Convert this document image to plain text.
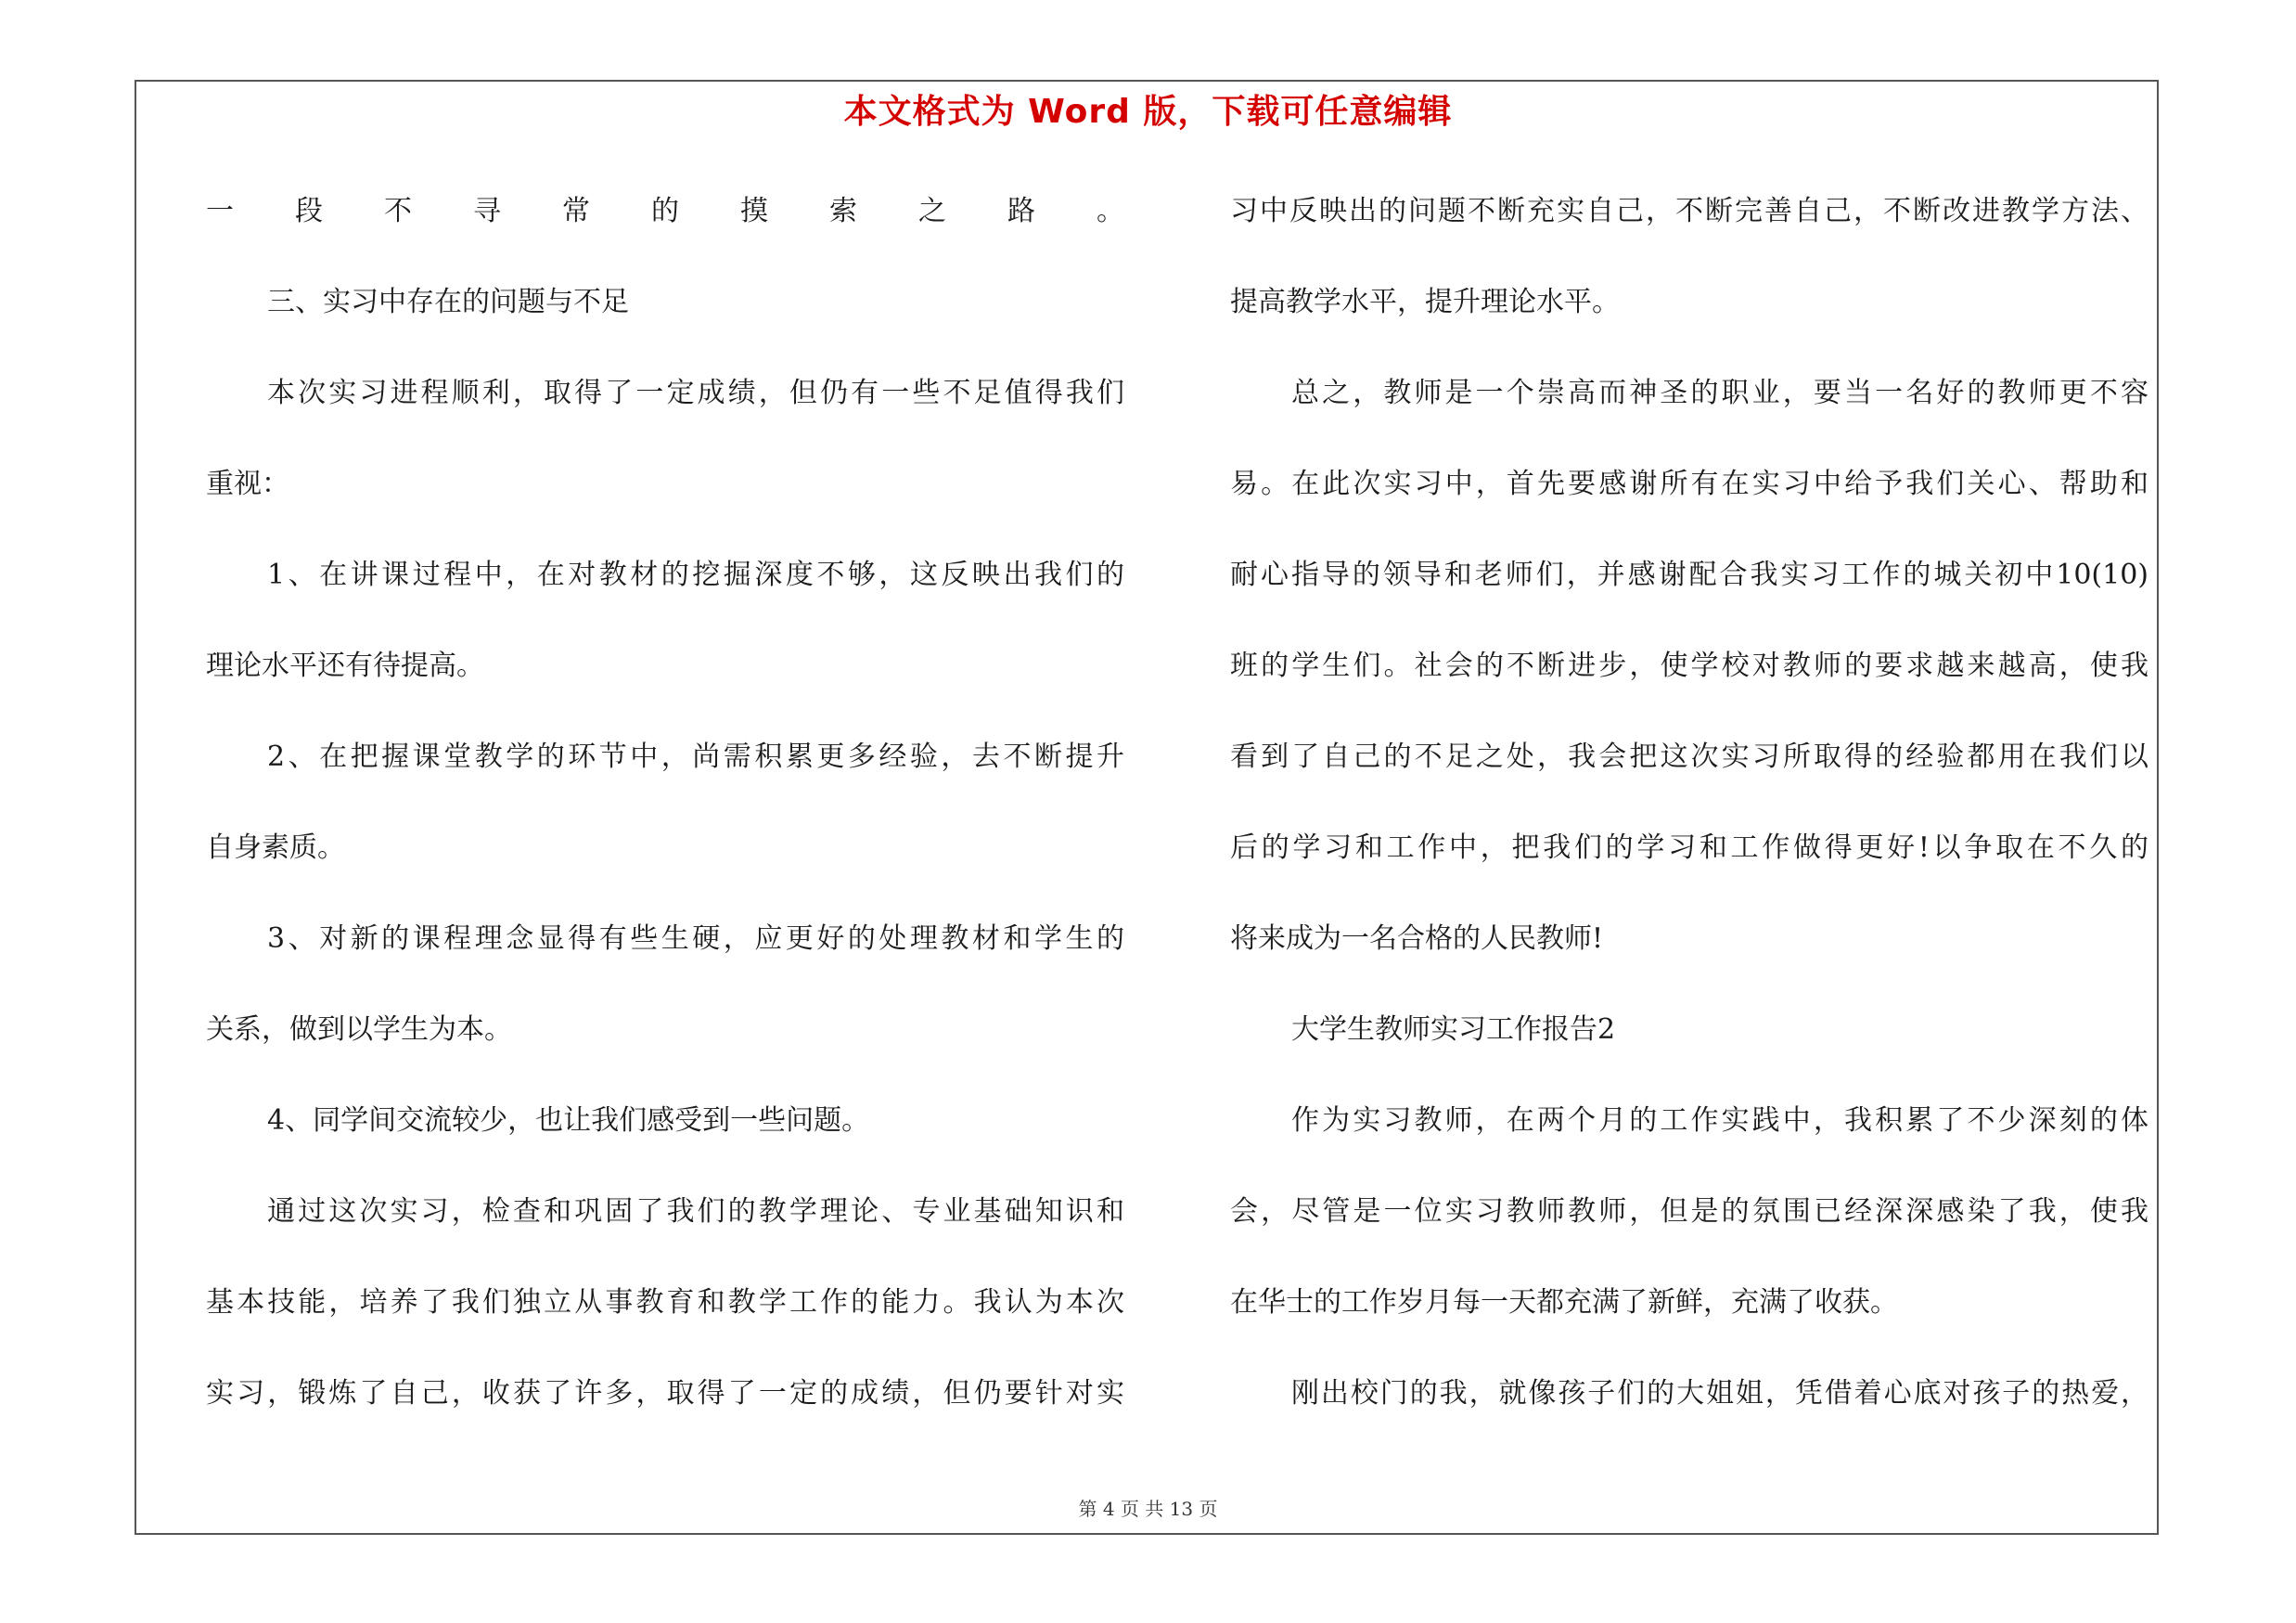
本文格式为 Word 版，下载可任意编辑
一段不寻常的摸索之路。
三、实习中存在的问题与不足
本次实习进程顺利，取得了一定成绩，但仍有一些不足值得我们
重视：
1、在讲课过程中，在对教材的挖掘深度不够，这反映出我们的
理论水平还有待提高。
2、在把握课堂教学的环节中，尚需积累更多经验，去不断提升
自身素质。
3、对新的课程理念显得有些生硬，应更好的处理教材和学生的
关系，做到以学生为本。
4、同学间交流较少，也让我们感受到一些问题。
通过这次实习，检查和巩固了我们的教学理论、专业基础知识和
基本技能，培养了我们独立从事教育和教学工作的能力。我认为本次
实习，锻炼了自己，收获了许多，取得了一定的成绩，但仍要针对实
习中反映出的问题不断充实自己，不断完善自己，不断改进教学方法、
提高教学水平，提升理论水平。
总之，教师是一个崇高而神圣的职业，要当一名好的教师更不容
易。在此次实习中，首先要感谢所有在实习中给予我们关心、帮助和
耐心指导的领导和老师们，并感谢配合我实习工作的城关初中10(10)
班的学生们。社会的不断进步，使学校对教师的要求越来越高，使我
看到了自己的不足之处，我会把这次实习所取得的经验都用在我们以
后的学习和工作中，把我们的学习和工作做得更好!以争取在不久的
将来成为一名合格的人民教师!
大学生教师实习工作报告2
作为实习教师，在两个月的工作实践中，我积累了不少深刻的体
会，尽管是一位实习教师教师，但是的氛围已经深深感染了我，使我
在华士的工作岁月每一天都充满了新鲜，充满了收获。
刚出校门的我，就像孩子们的大姐姐，凭借着心底对孩子的热爱，
第 4 页 共 13 页
